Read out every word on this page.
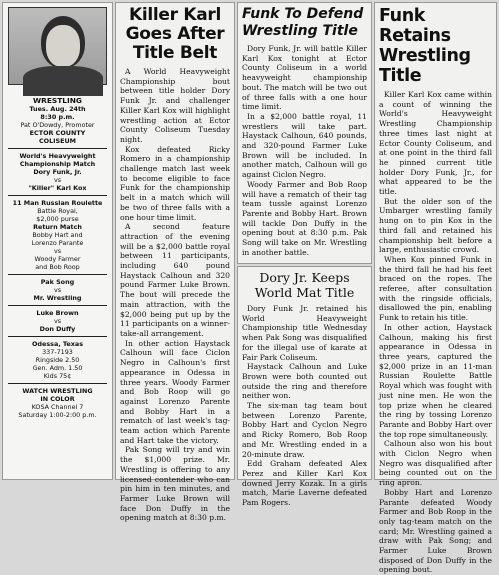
WRESTLING
Tues. Aug. 24th
8:30 p.m.
Pat O'Dowdy, Promoter
ECTOR COUNTY
COLISEUM
World's Heavyweight Championship Match
Dory Funk, Jr.
vs
"Killer" Karl Kox
11 Man Russian Roulette
Battle Royal,
$2,000 purse
Return Match
Bobby Hart and
Lorenzo Parante
vs
Woody Farmer
and Bob Roop
Pak Song
vs
Mr. Wrestling
Luke Brown
vs
Don Duffy
Odessa, Texas
337-7193
Ringside 2.50
Gen. Adm. 1.50
Kids 75¢
WATCH WRESTLING
IN COLOR
KOSA Channel 7
Saturday 1:00-2:00 p.m.
Killer Karl Goes After Title Belt

A World Heavyweight Championship bout between title holder Dory Funk Jr. and challenger Killer Karl Kox will highlight wrestling action at Ector County Coliseum Tuesday night.

Kox defeated Ricky Romero in a championship challenge match last week to become eligible to face Funk for the championship belt in a match which will be two of three falls with a one hour time limit.

A second feature attraction of the evening will be a $2,000 battle royal between 11 participants, including 640 pound Haystack Calhoun and 320 pound Farmer Luke Brown. The bout will precede the main attraction, with the $2,000 being put up by the 11 participants on a winner-take-all arrangement.

In other action Haystack Calhoun will face Ciclon Negro in Calhoun's first appearance in Odessa in three years. Woody Farmer and Bob Roop will go against Lorenzo Parente and Bobby Hart in a rematch of last week's tag-team action which Parente and Hart take the victory.

Pak Song will try and win the $1,000 prize. Mr. Wrestling is offering to any licensed contender who can pin him in ten minutes, and Farmer Luke Brown will face Don Duffy in the opening match at 8:30 p.m.

Funk To Defend Wrestling Title

Dory Funk, Jr. will battle Killer Karl Kox tonight at Ector County Coliseum in a world heavyweight championship bout. The match will be two out of three falls with a one hour time limit.

In a $2,000 battle royal, 11 wrestlers will take part. Haystack Calhoun, 640 pounds, and 320-pound Farmer Luke Brown will be included. In another match, Calhoun will go against Ciclon Negro.

Woody Farmer and Bob Roop will have a rematch of their tag team tussle against Lorenzo Parente and Bobby Hart. Brown will tackle Don Duffy in the opening bout at 8:30 p.m. Pak Song will take on Mr. Wrestling in another battle.

Dory Jr. Keeps World Mat Title

Dory Funk Jr. retained his World Heavyweight Championship title Wednesday when Pak Song was disqualified for the illegal use of karate at Fair Park Coliseum.

Haystack Calhoun and Luke Brown were both counted out outside the ring and therefore neither won.

The six-man tag team bout between Lorenzo Parente, Bobby Hart and Cyclon Negro and Ricky Romero, Bob Roop and Mr. Wrestling ended in a 20-minute draw.

Edd Graham defeated Alex Perez and Killer Karl Kox downed Jerry Kozak. In a girls match, Marie Laverne defeated Pam Rogers.

Funk Retains Wrestling Title

Killer Karl Kox came within a count of winning the World's Heavyweight Wrestling Championship three times last night at Ector County Coliseum, and at one point in the third fall he pinned current title holder Dory Funk, Jr., for what appeared to be the title.

But the older son of the Umbarger wrestling family hung on to pin Kox in the third fall and retained his championship belt before a large, enthusiastic crowd.

When Kox pinned Funk in the third fall he had his feet braced on the ropes. The referee, after consultation with the ringside officials, disallowed the pin, enabling Funk to retain his title.

In other action, Haystack Calhoun, making his first appearance in Odessa in three years, captured the $2,000 prize in an 11-man Russian Roulette Battle Royal which was fought with just nine men. He won the top prize when he cleared the ring by tossing Lorenzo Parante and Bobby Hart over the top rope simultaneously.

Calhoun also won his bout with Ciclon Negro when Negro was disqualified after being counted out on the ring apron.

Bobby Hart and Lorenzo Parante defeated Woody Farmer and Bob Roop in the only tag-team match on the card; Mr. Wrestling gained a draw with Pak Song; and Farmer Luke Brown disposed of Don Duffy in the opening bout.
